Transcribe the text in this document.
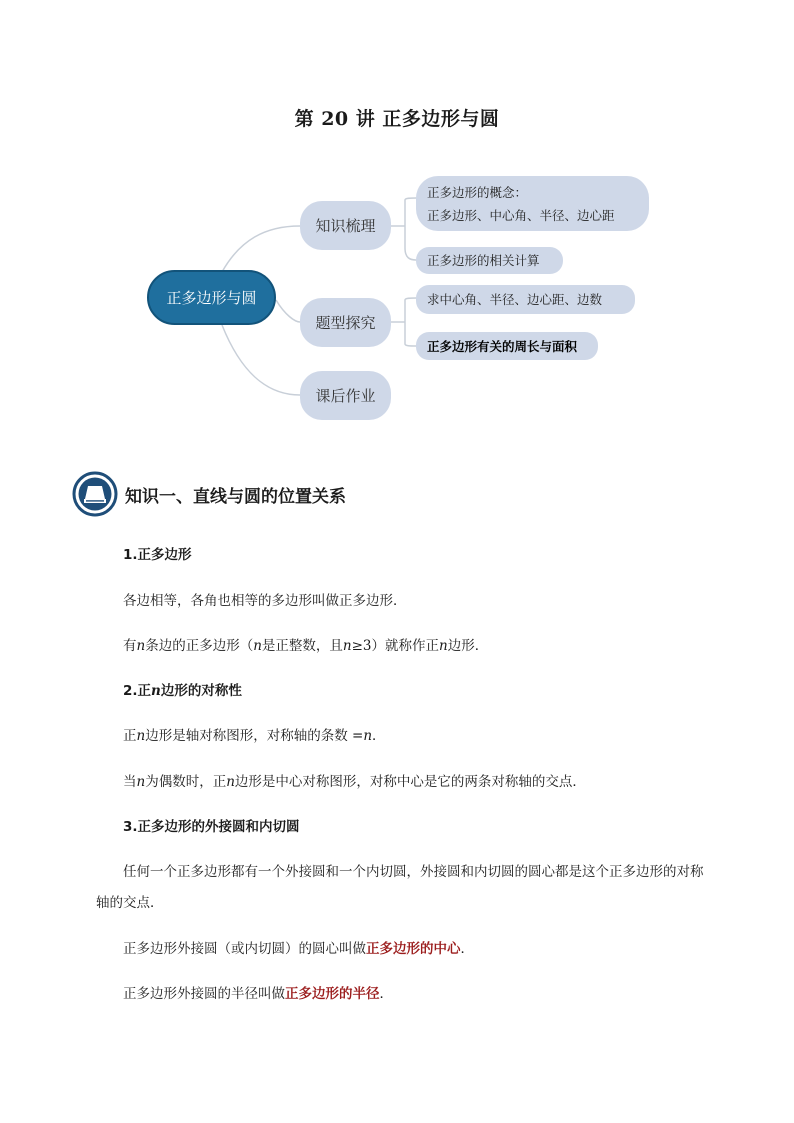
第 20 讲 正多边形与圆
正多边形与圆
知识梳理
题型探究
课后作业
正多边形的概念：
正多边形、中心角、半径、边心距
正多边形的相关计算
求中心角、半径、边心距、边数
正多边形有关的周长与面积
知识一、直线与圆的位置关系
1.正多边形
各边相等，各角也相等的多边形叫做正多边形．
有n条边的正多边形（n是正整数，且n≥3）就称作正n边形．
2.正n边形的对称性
正n边形是轴对称图形，对称轴的条数 =n．
当n为偶数时，正n边形是中心对称图形，对称中心是它的两条对称轴的交点．
3.正多边形的外接圆和内切圆
任何一个正多边形都有一个外接圆和一个内切圆，外接圆和内切圆的圆心都是这个正多边形的对称
轴的交点．
正多边形外接圆（或内切圆）的圆心叫做正多边形的中心．
正多边形外接圆的半径叫做正多边形的半径．
